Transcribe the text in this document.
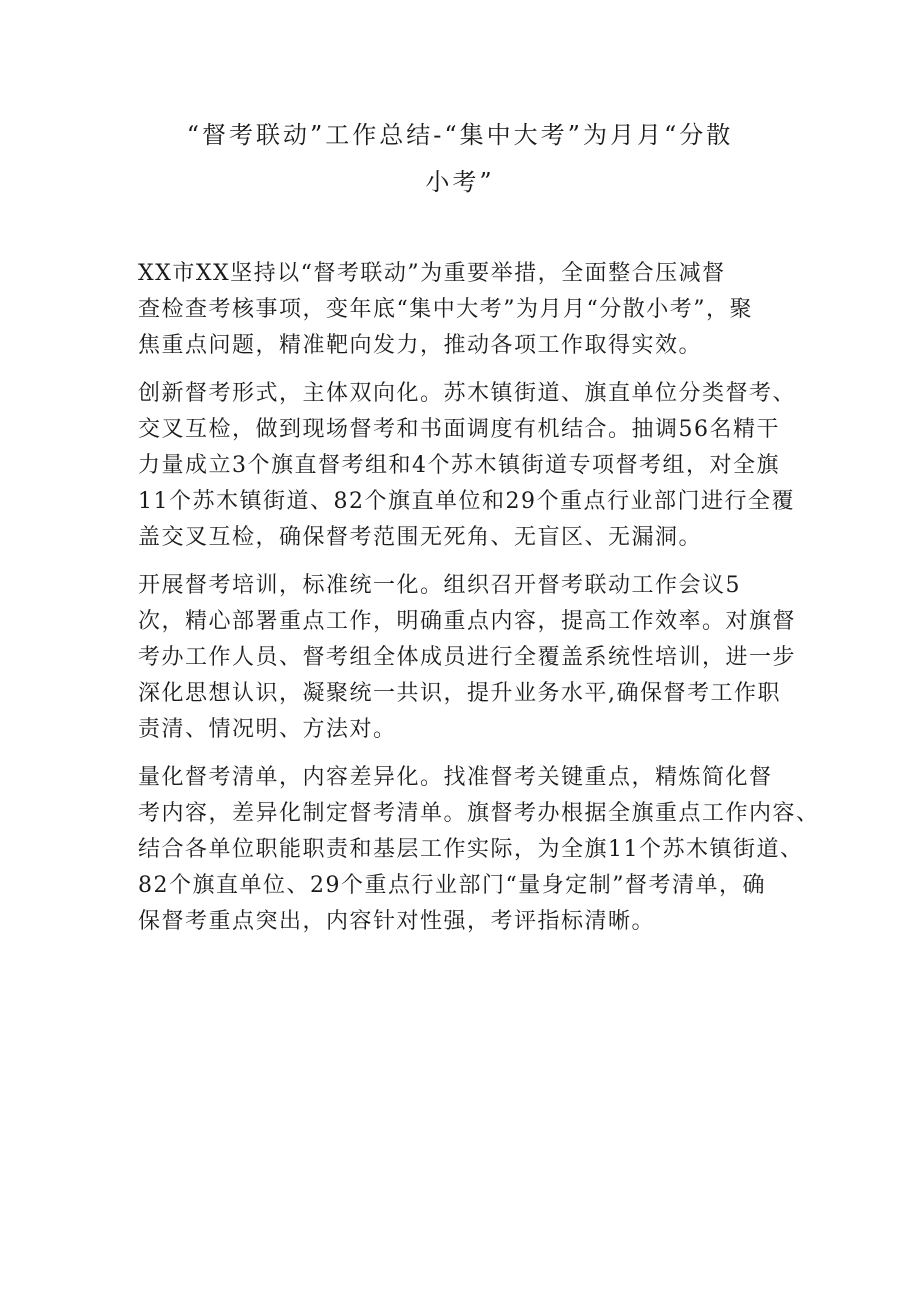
“督考联动”工作总结-“集中大考”为月月“分散
小考”
XX市XX坚持以“督考联动”为重要举措，全面整合压减督
查检查考核事项，变年底“集中大考”为月月“分散小考”，聚
焦重点问题，精准靶向发力，推动各项工作取得实效。
创新督考形式，主体双向化。苏木镇街道、旗直单位分类督考、
交叉互检，做到现场督考和书面调度有机结合。抽调56名精干
力量成立3个旗直督考组和4个苏木镇街道专项督考组，对全旗
11个苏木镇街道、82个旗直单位和29个重点行业部门进行全覆
盖交叉互检，确保督考范围无死角、无盲区、无漏洞。
开展督考培训，标准统一化。组织召开督考联动工作会议5
次，精心部署重点工作，明确重点内容，提高工作效率。对旗督
考办工作人员、督考组全体成员进行全覆盖系统性培训，进一步
深化思想认识，凝聚统一共识，提升业务水平,确保督考工作职
责清、情况明、方法对。
量化督考清单，内容差异化。找准督考关键重点，精炼简化督
考内容，差异化制定督考清单。旗督考办根据全旗重点工作内容、
结合各单位职能职责和基层工作实际，为全旗11个苏木镇街道、
82个旗直单位、29个重点行业部门“量身定制”督考清单，确
保督考重点突出，内容针对性强，考评指标清晰。
